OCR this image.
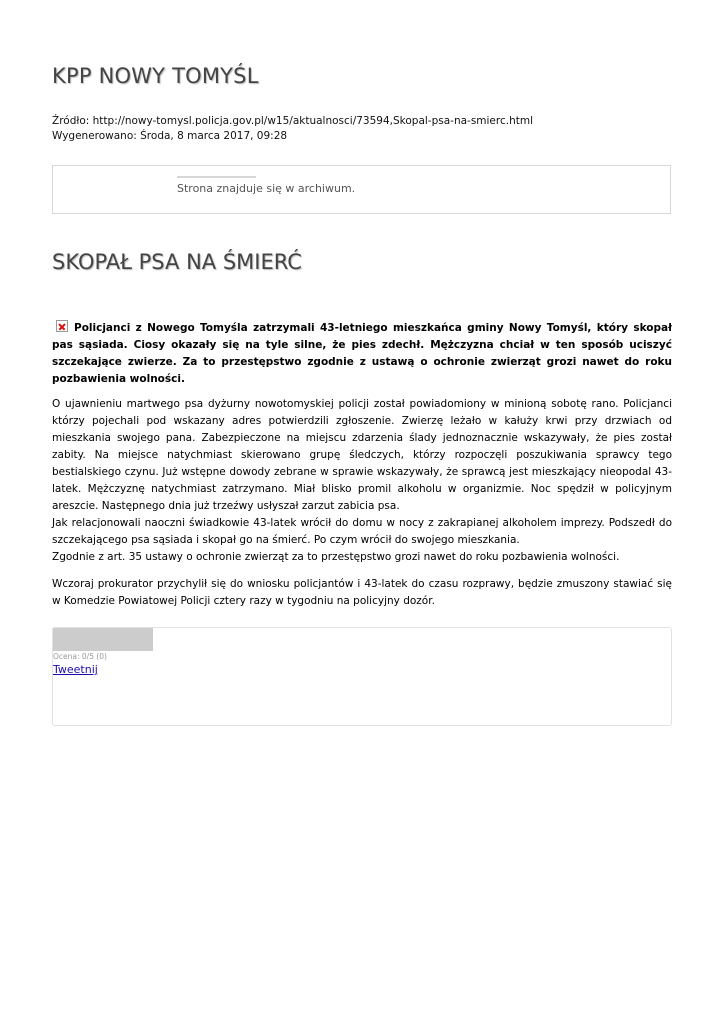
KPP NOWY TOMYŚL
Źródło: http://nowy-tomysl.policja.gov.pl/w15/aktualnosci/73594,Skopal-psa-na-smierc.html
Wygenerowano: Środa, 8 marca 2017, 09:28
Strona znajduje się w archiwum.
SKOPAŁ PSA NA ŚMIERĆ

Policjanci z Nowego Tomyśla zatrzymali 43-letniego mieszkańca gminy Nowy Tomyśl, który skopał pas sąsiada. Ciosy okazały się na tyle silne, że pies zdechł. Mężczyzna chciał w ten sposób uciszyć szczekające zwierze. Za to przestępstwo zgodnie z ustawą o ochronie zwierząt grozi nawet do roku pozbawienia wolności.

O ujawnieniu martwego psa dyżurny nowotomyskiej policji został powiadomiony w minioną sobotę rano. Policjanci którzy pojechali pod wskazany adres potwierdzili zgłoszenie. Zwierzę leżało w kałuży krwi przy drzwiach od mieszkania swojego pana. Zabezpieczone na miejscu zdarzenia ślady jednoznacznie wskazywały, że pies został zabity. Na miejsce natychmiast skierowano grupę śledczych, którzy rozpoczęli poszukiwania sprawcy tego bestialskiego czynu. Już wstępne dowody zebrane w sprawie wskazywały, że sprawcą jest mieszkający nieopodal 43-latek. Mężczyznę natychmiast zatrzymano. Miał blisko promil alkoholu w organizmie. Noc spędził w policyjnym areszcie. Następnego dnia już trzeźwy usłyszał zarzut zabicia psa.

Jak relacjonowali naoczni świadkowie 43-latek wrócił do domu w nocy z zakrapianej alkoholem imprezy. Podszedł do szczekającego psa sąsiada i skopał go na śmierć. Po czym wrócił do swojego mieszkania.

Zgodnie z art. 35 ustawy o ochronie zwierząt za to przestępstwo grozi nawet do roku pozbawienia wolności.

Wczoraj prokurator przychylił się do wniosku policjantów i 43-latek do czasu rozprawy, będzie zmuszony stawiać się w Komedzie Powiatowej Policji cztery razy w tygodniu na policyjny dozór.

Ocena: 0/5 (0)
Tweetnij
